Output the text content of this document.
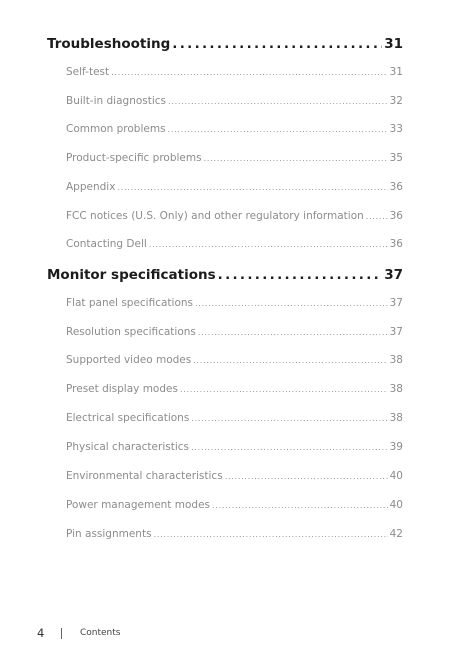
Troubleshooting . . .	31
Self-test . . .	31
Built-in diagnostics . . .	32
Common problems . . .	33
Product-specific problems . . .	35
Appendix . . .	36
FCC notices (U.S. Only) and other regulatory information . . . 36
Contacting Dell . . .	36
Monitor specifications . . .	37
Flat panel specifications . . .	37
Resolution specifications . . .	37
Supported video modes . . .	38
Preset display modes . . .	38
Electrical specifications . . .	38
Physical characteristics . . .	39
Environmental characteristics . . .	40
Power management modes . . .	40
Pin assignments . . .	42
4	Contents
